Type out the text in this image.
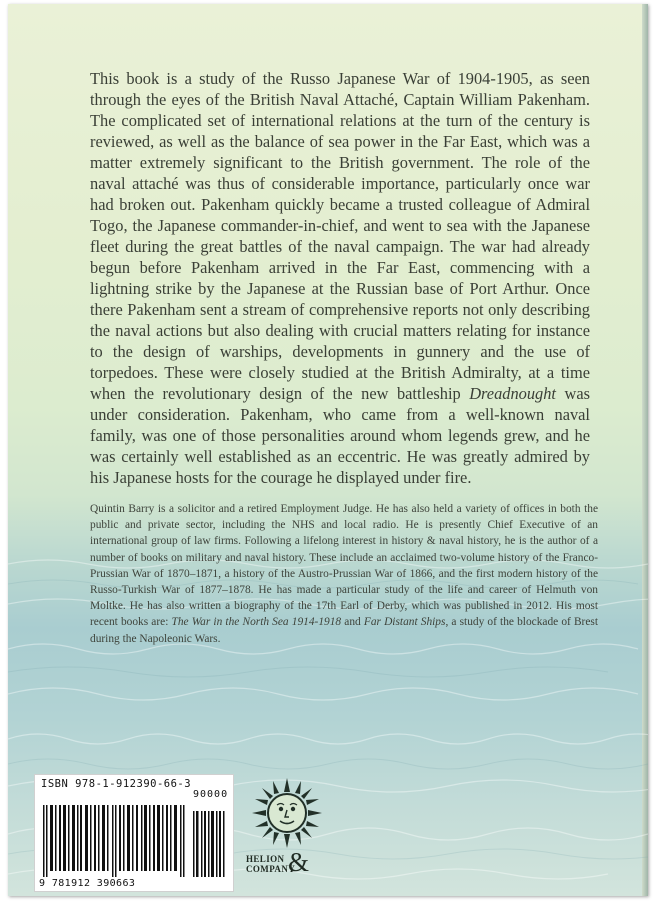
This book is a study of the Russo Japanese War of 1904-1905, as seen through the eyes of the British Naval Attaché, Captain William Pakenham. The complicated set of international relations at the turn of the century is reviewed, as well as the balance of sea power in the Far East, which was a matter extremely significant to the British government. The role of the naval attaché was thus of considerable importance, particularly once war had broken out. Pakenham quickly became a trusted colleague of Admiral Togo, the Japanese commander-in-chief, and went to sea with the Japanese fleet during the great battles of the naval campaign. The war had already begun before Pakenham arrived in the Far East, commencing with a lightning strike by the Japanese at the Russian base of Port Arthur. Once there Pakenham sent a stream of comprehensive reports not only describing the naval actions but also dealing with crucial matters relating for instance to the design of warships, developments in gunnery and the use of torpedoes. These were closely studied at the British Admiralty, at a time when the revolutionary design of the new battleship Dreadnought was under consideration. Pakenham, who came from a well-known naval family, was one of those personalities around whom legends grew, and he was certainly well established as an eccentric. He was greatly admired by his Japanese hosts for the courage he displayed under fire.

Quintin Barry is a solicitor and a retired Employment Judge. He has also held a variety of offices in both the public and private sector, including the NHS and local radio. He is presently Chief Executive of an international group of law firms. Following a lifelong interest in history & naval history, he is the author of a number of books on military and naval history. These include an acclaimed two-volume history of the Franco-Prussian War of 1870–1871, a history of the Austro-Prussian War of 1866, and the first modern history of the Russo-Turkish War of 1877–1878. He has made a particular study of the life and career of Helmuth von Moltke. He has also written a biography of the 17th Earl of Derby, which was published in 2012. His most recent books are: The War in the North Sea 1914-1918 and Far Distant Ships, a study of the blockade of Brest during the Napoleonic Wars.

ISBN 978-1-912390-66-3
90000
9 781912 390663
HELION
COMPANY
&
